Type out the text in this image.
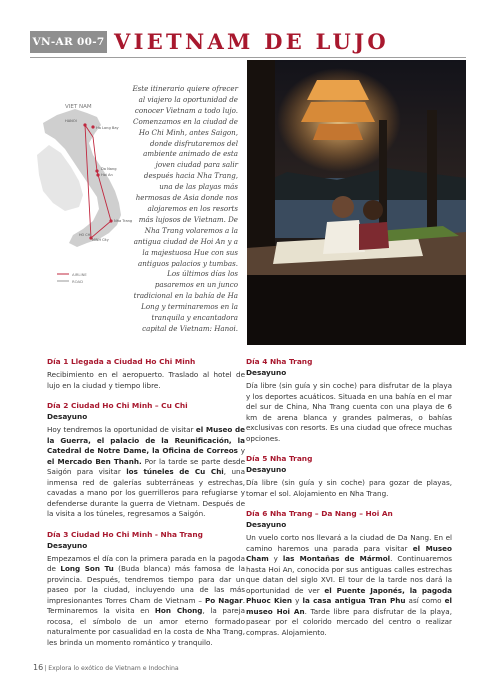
VN-AR 00-7 VIETNAM DE LUJO
VIET NAM
HANOI
Ha Long Bay
Da Nang
Hoi An
Nha Trang
HO CHI
MINH City
AIRLINE
ROAD
Este itinerario quiere ofrecer al viajero la oportunidad de conocer Vietnam a todo lujo. Comenzamos en la ciudad de Ho Chi Minh, antes Saigon, donde disfrutaremos del ambiente animado de esta joven ciudad para salir después hacia Nha Trang, una de las playas más hermosas de Asia donde nos alojaremos en los resorts más lujosos de Vietnam. De Nha Trang volaremos a la antigua ciudad de Hoi An y a la majestuosa Hue con sus antiguos palacios y tumbas. Los últimos días los pasaremos en un junco tradicional en la bahía de Ha Long y terminaremos en la tranquila y encantadora capital de Vietnam: Hanoi.
Día 1 Llegada a Ciudad Ho Chi Minh
Recibimiento en el aeropuerto. Traslado al hotel de lujo en la ciudad y tiempo libre.
Día 2 Ciudad Ho Chi Minh – Cu Chi
Desayuno
Hoy tendremos la oportunidad de visitar el Museo de la Guerra, el palacio de la Reunificación, la Catedral de Notre Dame, la Oficina de Correos y el Mercado Ben Thanh. Por la tarde se parte desde Saigón para visitar los túneles de Cu Chi, una inmensa red de galerías subterráneas y estrechas, cavadas a mano por los guerrilleros para refugiarse y defenderse durante la guerra de Vietnam. Después de la visita a los túneles, regresamos a Saigón.
Día 3 Ciudad Ho Chi Minh - Nha Trang
Desayuno
Empezamos el día con la primera parada en la pagoda de Long Son Tu (Buda blanca) más famosa de la provincia. Después, tendremos tiempo para dar un paseo por la ciudad, incluyendo una de las más impresionantes Torres Cham de Vietnam – Po Nagar. Terminaremos la visita en Hon Chong, la pareja rocosa, el símbolo de un amor eterno formado naturalmente por casualidad en la costa de Nha Trang, les brinda un momento romántico y tranquilo.
Día 4 Nha Trang
Desayuno
Día libre (sin guía y sin coche) para disfrutar de la playa y los deportes acuáticos. Situada en una bahía en el mar del sur de China, Nha Trang cuenta con una playa de 6 km de arena blanca y grandes palmeras, o bahías exclusivas con resorts. Es una ciudad que ofrece muchas opciones.
Día 5 Nha Trang
Desayuno
Día libre (sin guía y sin coche) para gozar de playas, tomar el sol. Alojamiento en Nha Trang.
Día 6 Nha Trang – Da Nang – Hoi An
Desayuno
Un vuelo corto nos llevará a la ciudad de Da Nang. En el camino haremos una parada para visitar el Museo Cham y las Montañas de Mármol. Continuaremos hasta Hoi An, conocida por sus antiguas calles estrechas que datan del siglo XVI. El tour de la tarde nos dará la oportunidad de ver el Puente Japonés, la pagoda Phuoc Kien y la casa antigua Tran Phu así como el museo Hoi An. Tarde libre para disfrutar de la playa, pasear por el colorido mercado del centro o realizar compras. Alojamiento.
16| Explora lo exótico de Vietnam e Indochina
